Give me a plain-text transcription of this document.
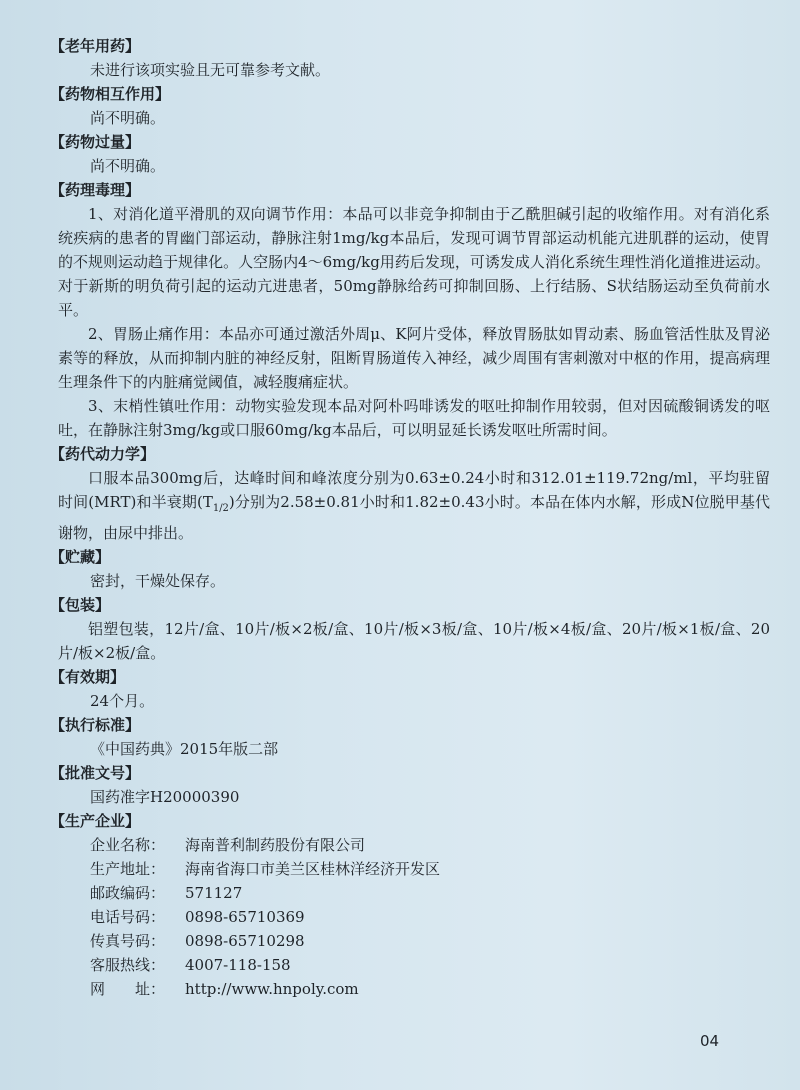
【老年用药】

未进行该项实验且无可靠参考文献。

【药物相互作用】

尚不明确。

【药物过量】

尚不明确。

【药理毒理】

1、对消化道平滑肌的双向调节作用：本品可以非竞争抑制由于乙酰胆碱引起的收缩作用。对有消化系统疾病的患者的胃幽门部运动，静脉注射1mg/kg本品后，发现可调节胃部运动机能亢进肌群的运动，使胃的不规则运动趋于规律化。人空肠内4～6mg/kg用药后发现，可诱发成人消化系统生理性消化道推进运动。对于新斯的明负荷引起的运动亢进患者，50mg静脉给药可抑制回肠、上行结肠、S状结肠运动至负荷前水平。

2、胃肠止痛作用：本品亦可通过激活外周μ、K阿片受体，释放胃肠肽如胃动素、肠血管活性肽及胃泌素等的释放，从而抑制内脏的神经反射，阻断胃肠道传入神经，减少周围有害刺激对中枢的作用，提高病理生理条件下的内脏痛觉阈值，减轻腹痛症状。

3、末梢性镇吐作用：动物实验发现本品对阿朴吗啡诱发的呕吐抑制作用较弱，但对因硫酸铜诱发的呕吐，在静脉注射3mg/kg或口服60mg/kg本品后，可以明显延长诱发呕吐所需时间。

【药代动力学】

口服本品300mg后，达峰时间和峰浓度分别为0.63±0.24小时和312.01±119.72ng/ml，平均驻留时间(MRT)和半衰期$(T_{1/2})$分别为2.58±0.81小时和1.82±0.43小时。本品在体内水解，形成N位脱甲基代谢物，由尿中排出。

【贮藏】

密封，干燥处保存。

【包装】

铝塑包装，12片/盒、10片/板×2板/盒、10片/板×3板/盒、10片/板×4板/盒、20片/板×1板/盒、20片/板×2板/盒。

【有效期】

24个月。

【执行标准】

《中国药典》2015年版二部

【批准文号】

国药准字H20000390

【生产企业】
企业名称：	海南普利制药股份有限公司
生产地址：	海南省海口市美兰区桂林洋经济开发区
邮政编码：	571127
电话号码：	0898-65710369
传真号码：	0898-65710298
客服热线：	4007-118-158
网　　址：	http://www.hnpoly.com
04
